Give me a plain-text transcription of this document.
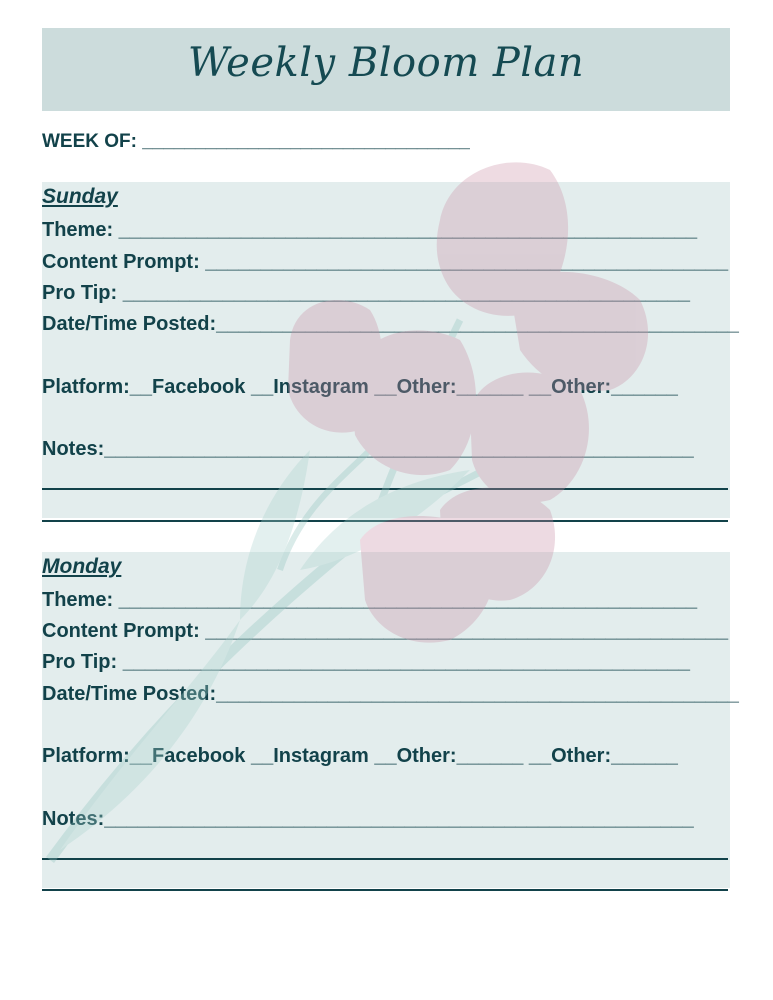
Weekly Bloom Plan
WEEK OF: _______________________________
Sunday
Theme: ____________________________________________________
Content Prompt: _______________________________________________
Pro Tip: ___________________________________________________
Date/Time Posted:_______________________________________________
Platform:__Facebook __Instagram __Other:______ __Other:______
Notes:_____________________________________________________
Monday
Theme: ____________________________________________________
Content Prompt: _______________________________________________
Pro Tip: ___________________________________________________
Date/Time Posted:_______________________________________________
Platform:__Facebook __Instagram __Other:______ __Other:______
Notes:_____________________________________________________
